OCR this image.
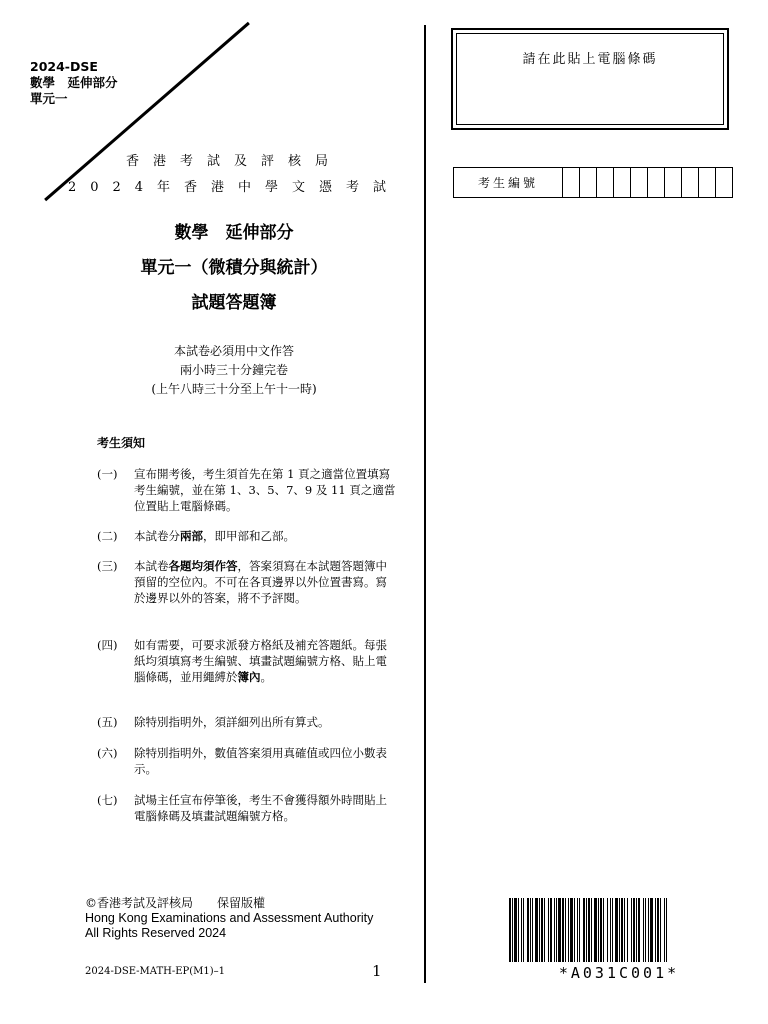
2024-DSE
數學　延伸部分
單元一
香港考試及評核局
2024年香港中學文憑考試
數學　延伸部分
單元一（微積分與統計）
試題答題簿
本試卷必須用中文作答
兩小時三十分鐘完卷
(上午八時三十分至上午十一時)
考生須知
(一)	宣布開考後，考生須首先在第 1 頁之適當位置填寫考生編號，並在第 1、3、5、7、9 及 11 頁之適當位置貼上電腦條碼。
(二)	本試卷分兩部，即甲部和乙部。
(三)	本試卷各題均須作答，答案須寫在本試題答題簿中預留的空位內。不可在各頁邊界以外位置書寫。寫於邊界以外的答案，將不予評閱。
(四)	如有需要，可要求派發方格紙及補充答題紙。每張紙均須填寫考生編號、填畫試題編號方格、貼上電腦條碼，並用繩縛於簿內。
(五)	除特別指明外，須詳細列出所有算式。
(六)	除特別指明外，數值答案須用真確值或四位小數表示。
(七)	試場主任宣布停筆後，考生不會獲得額外時間貼上電腦條碼及填畫試題編號方格。
請在此貼上電腦條碼
考生編號										
©香港考試及評核局　　保留版權
Hong Kong Examinations and Assessment Authority
All Rights Reserved 2024
2024-DSE-MATH-EP(M1)–1	1	*A031C001*
